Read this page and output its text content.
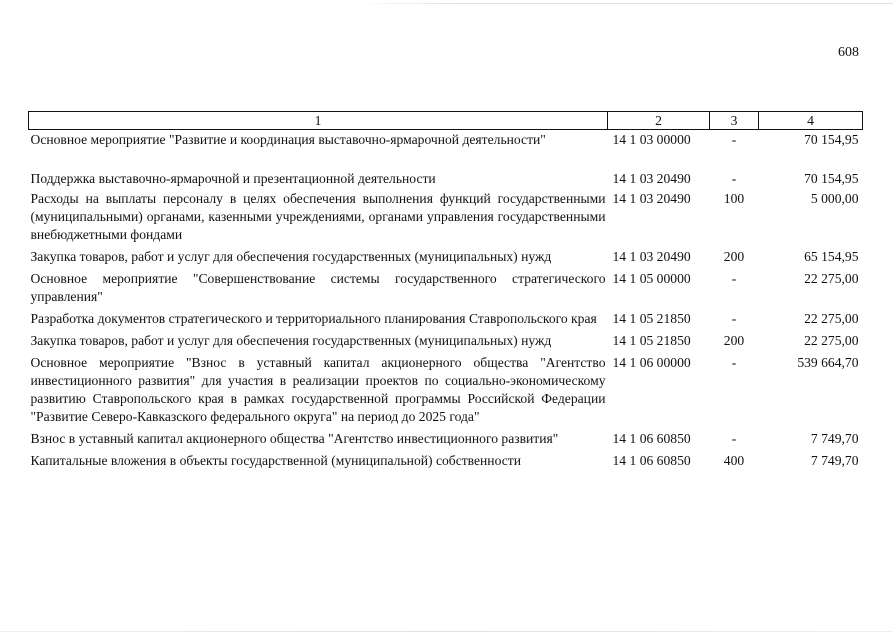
608
1	2	3	4
Основное мероприятие "Развитие и координация выставочно-ярмарочной деятельности"	14 1 03 00000	-	70 154,95
Поддержка выставочно-ярмарочной и презентационной деятельности	14 1 03 20490	-	70 154,95
Расходы на выплаты персоналу в целях обеспечения выполнения функций государственными (муниципальными) органами, казенными учреждениями, органами управления государственными внебюджетными фондами	14 1 03 20490	100	5 000,00
Закупка товаров, работ и услуг для обеспечения государственных (муниципальных) нужд	14 1 03 20490	200	65 154,95
Основное мероприятие "Совершенствование системы государственного стратегического управления"	14 1 05 00000	-	22 275,00
Разработка документов стратегического и территориального планирования Ставропольского края	14 1 05 21850	-	22 275,00
Закупка товаров, работ и услуг для обеспечения государственных (муниципальных) нужд	14 1 05 21850	200	22 275,00
Основное мероприятие "Взнос в уставный капитал акционерного общества "Агентство инвестиционного развития" для участия в реализации проектов по социально-экономическому развитию Ставропольского края в рамках государственной программы Российской Федерации "Развитие Северо-Кавказского федерального округа" на период до 2025 года"	14 1 06 00000	-	539 664,70
Взнос в уставный капитал акционерного общества "Агентство инвестиционного развития"	14 1 06 60850	-	7 749,70
Капитальные вложения в объекты государственной (муниципальной) собственности	14 1 06 60850	400	7 749,70
